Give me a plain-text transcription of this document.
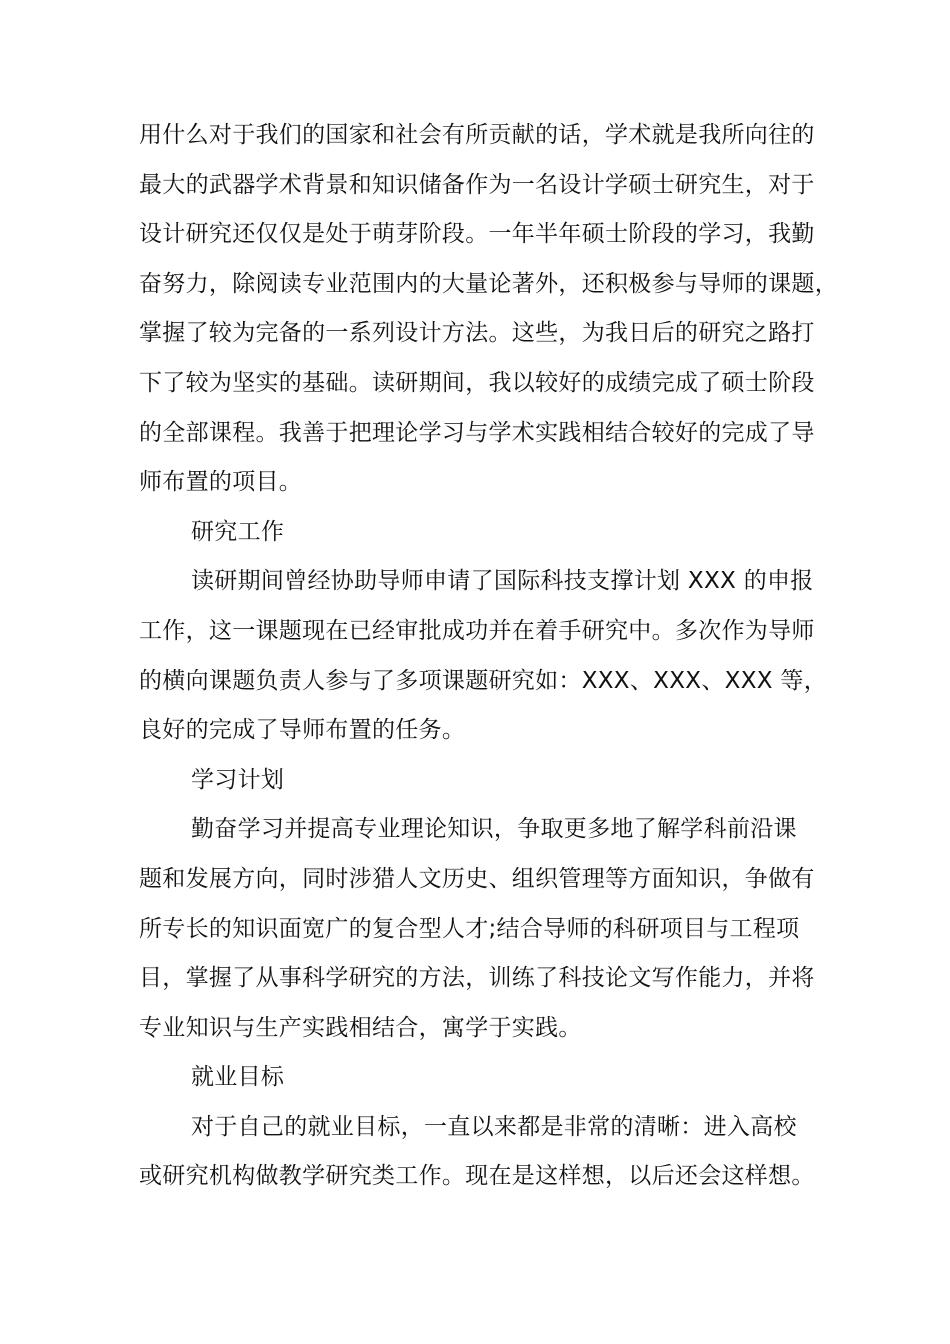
用什么对于我们的国家和社会有所贡献的话，学术就是我所向往的
最大的武器学术背景和知识储备作为一名设计学硕士研究生，对于
设计研究还仅仅是处于萌芽阶段。一年半年硕士阶段的学习，我勤
奋努力，除阅读专业范围内的大量论著外，还积极参与导师的课题，
掌握了较为完备的一系列设计方法。这些，为我日后的研究之路打
下了较为坚实的基础。读研期间，我以较好的成绩完成了硕士阶段
的全部课程。我善于把理论学习与学术实践相结合较好的完成了导
师布置的项目。
研究工作
读研期间曾经协助导师申请了国际科技支撑计划 XXX 的申报
工作，这一课题现在已经审批成功并在着手研究中。多次作为导师
的横向课题负责人参与了多项课题研究如：XXX、XXX、XXX 等，
良好的完成了导师布置的任务。
学习计划
勤奋学习并提高专业理论知识，争取更多地了解学科前沿课
题和发展方向，同时涉猎人文历史、组织管理等方面知识，争做有
所专长的知识面宽广的复合型人才;结合导师的科研项目与工程项
目，掌握了从事科学研究的方法，训练了科技论文写作能力，并将
专业知识与生产实践相结合，寓学于实践。
就业目标
对于自己的就业目标，一直以来都是非常的清晰：进入高校
或研究机构做教学研究类工作。现在是这样想，以后还会这样想。
